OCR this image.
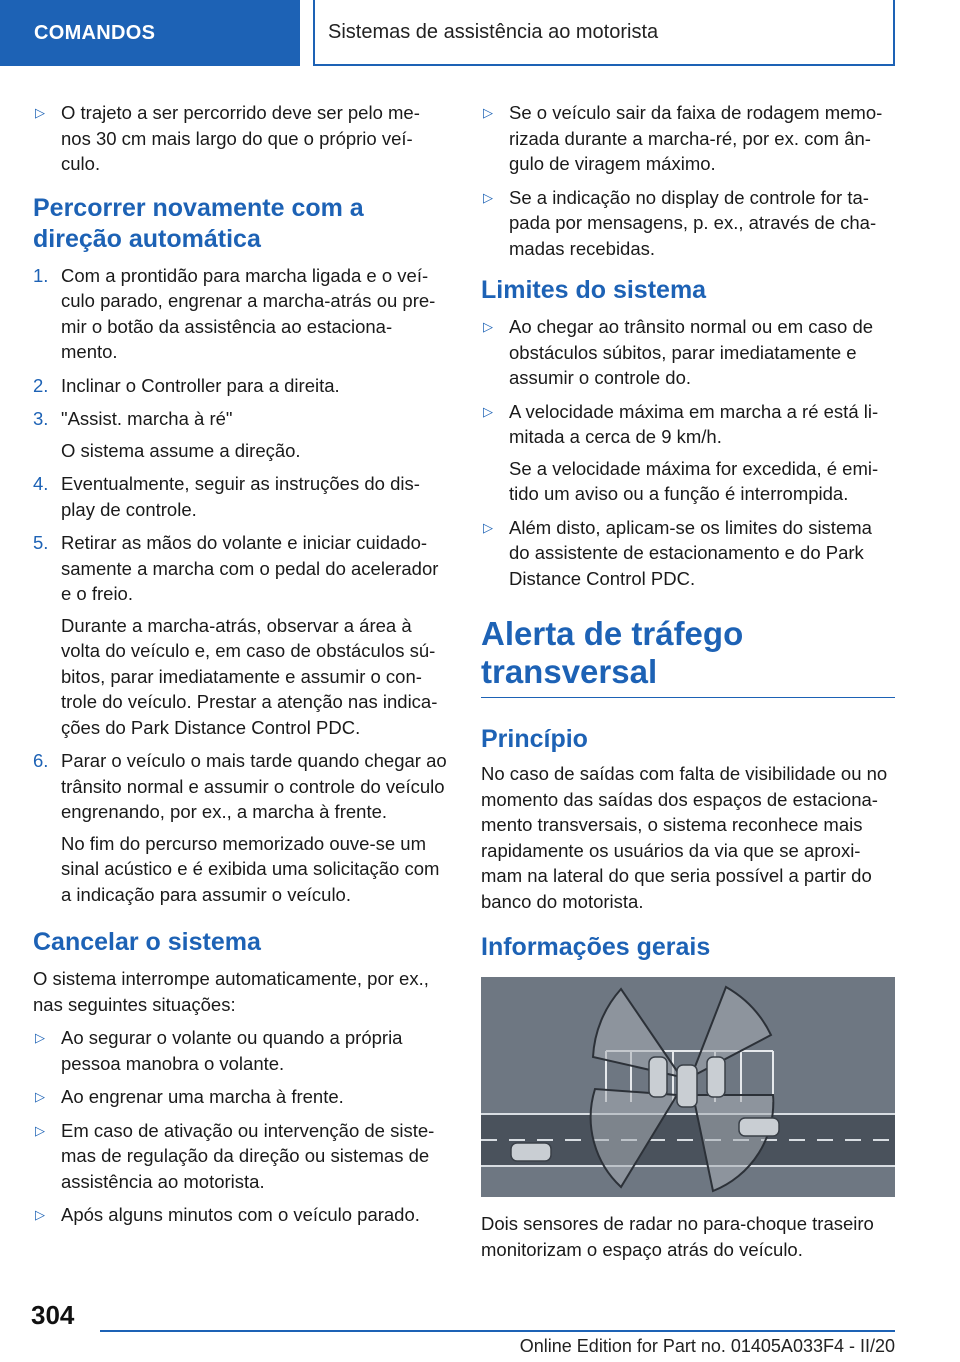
COMANDOS	Sistemas de assistência ao motorista
▷ O trajeto a ser percorrido deve ser pelo me-nos 30 cm mais largo do que o próprio veí-culo.
Percorrer novamente com a direção automática
1. Com a prontidão para marcha ligada e o veí-culo parado, engrenar a marcha-atrás ou pre-mir o botão da assistência ao estaciona-mento.
2. Inclinar o Controller para a direita.
3. "Assist. marcha à ré"
O sistema assume a direção.
4. Eventualmente, seguir as instruções do dis-play de controle.
5. Retirar as mãos do volante e iniciar cuidado-samente a marcha com o pedal do acelerador e o freio.
Durante a marcha-atrás, observar a área à volta do veículo e, em caso de obstáculos sú-bitos, parar imediatamente e assumir o con-trole do veículo. Prestar a atenção nas indica-ções do Park Distance Control PDC.
6. Parar o veículo o mais tarde quando chegar ao trânsito normal e assumir o controle do veículo engrenando, por ex., a marcha à frente.
No fim do percurso memorizado ouve-se um sinal acústico e é exibida uma solicitação com a indicação para assumir o veículo.
Cancelar o sistema

O sistema interrompe automaticamente, por ex., nas seguintes situações:

▷ Ao segurar o volante ou quando a própria pessoa manobra o volante.
▷ Ao engrenar uma marcha à frente.
▷ Em caso de ativação ou intervenção de siste-mas de regulação da direção ou sistemas de assistência ao motorista.
▷ Após alguns minutos com o veículo parado.
▷ Se o veículo sair da faixa de rodagem memo-rizada durante a marcha-ré, por ex. com ân-gulo de viragem máximo.
▷ Se a indicação no display de controle for ta-pada por mensagens, p. ex., através de cha-madas recebidas.
Limites do sistema
▷ Ao chegar ao trânsito normal ou em caso de obstáculos súbitos, parar imediatamente e assumir o controle do.
▷ A velocidade máxima em marcha a ré está li-mitada a cerca de 9 km/h.
Se a velocidade máxima for excedida, é emi-tido um aviso ou a função é interrompida.
▷ Além disto, aplicam-se os limites do sistema do assistente de estacionamento e do Park Distance Control PDC.
Alerta de tráfego transversal
Princípio

No caso de saídas com falta de visibilidade ou no momento das saídas dos espaços de estaciona-mento transversais, o sistema reconhece mais rapidamente os usuários da via que se aproxi-mam na lateral do que seria possível a partir do banco do motorista.

Informações gerais

Dois sensores de radar no para-choque traseiro monitorizam o espaço atrás do veículo.

304
Online Edition for Part no. 01405A033F4 - II/20
